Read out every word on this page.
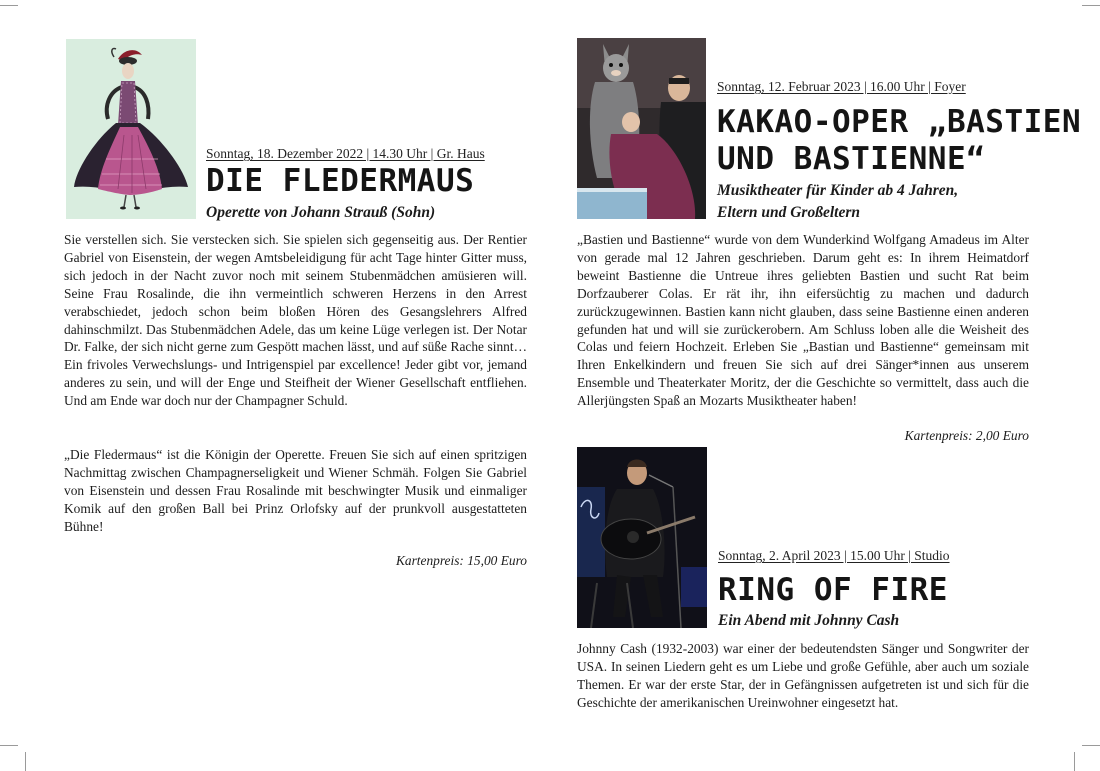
Sonntag, 18. Dezember 2022 | 14.30 Uhr | Gr. Haus
DIE FLEDERMAUS
Operette von Johann Strauß (Sohn)

Sie verstellen sich. Sie verstecken sich. Sie spielen sich gegenseitig aus. Der Rentier Gabriel von Eisenstein, der wegen Amtsbeleidigung für acht Tage hinter Gitter muss, sich jedoch in der Nacht zuvor noch mit seinem Stubenmädchen amüsieren will. Seine Frau Rosalinde, die ihn vermeintlich schweren Herzens in den Arrest verabschiedet, jedoch schon beim bloßen Hören des Gesangslehrers Alfred dahinschmilzt. Das Stubenmädchen Adele, das um keine Lüge verlegen ist. Der Notar Dr. Falke, der sich nicht gerne zum Gespött machen lässt, und auf süße Rache sinnt… Ein frivoles Verwechslungs- und Intrigenspiel par excellence! Jeder gibt vor, jemand anderes zu sein, und will der Enge und Steifheit der Wiener Gesellschaft entfliehen. Und am Ende war doch nur der Champagner Schuld.

„Die Fledermaus“ ist die Königin der Operette. Freuen Sie sich auf einen spritzigen Nachmittag zwischen Champagnerseligkeit und Wiener Schmäh. Folgen Sie Gabriel von Eisenstein und dessen Frau Rosalinde mit beschwingter Musik und einmaliger Komik auf den großen Ball bei Prinz Orlofsky auf der prunkvoll ausgestatteten Bühne!

Kartenpreis: 15,00 Euro
Sonntag, 12. Februar 2023 | 16.00 Uhr | Foyer
KAKAO-OPER „BASTIEN
UND BASTIENNE“
Musiktheater für Kinder ab 4 Jahren,
Eltern und Großeltern

„Bastien und Bastienne“ wurde von dem Wunderkind Wolfgang Amadeus im Alter von gerade mal 12 Jahren geschrieben. Darum geht es: In ihrem Heimatdorf beweint Bastienne die Untreue ihres geliebten Bastien und sucht Rat beim Dorfzauberer Colas. Er rät ihr, ihn eifersüchtig zu machen und dadurch zurückzugewinnen. Bastien kann nicht glauben, dass seine Bastienne einen anderen gefunden hat und will sie zurückerobern. Am Schluss loben alle die Weisheit des Colas und feiern Hochzeit. Erleben Sie „Bastian und Bastienne“ gemeinsam mit Ihren Enkelkindern und freuen Sie sich auf drei Sänger*innen aus unserem Ensemble und Theaterkater Moritz, der die Geschichte so vermittelt, dass auch die Allerjüngsten Spaß an Mozarts Musiktheater haben!

Kartenpreis: 2,00 Euro
Sonntag, 2. April 2023 | 15.00 Uhr | Studio
RING OF FIRE
Ein Abend mit Johnny Cash

Johnny Cash (1932-2003) war einer der bedeutendsten Sänger und Songwriter der USA. In seinen Liedern geht es um Liebe und große Gefühle, aber auch um soziale Themen. Er war der erste Star, der in Gefängnissen aufgetreten ist und sich für die Geschichte der amerikanischen Ureinwohner eingesetzt hat.
